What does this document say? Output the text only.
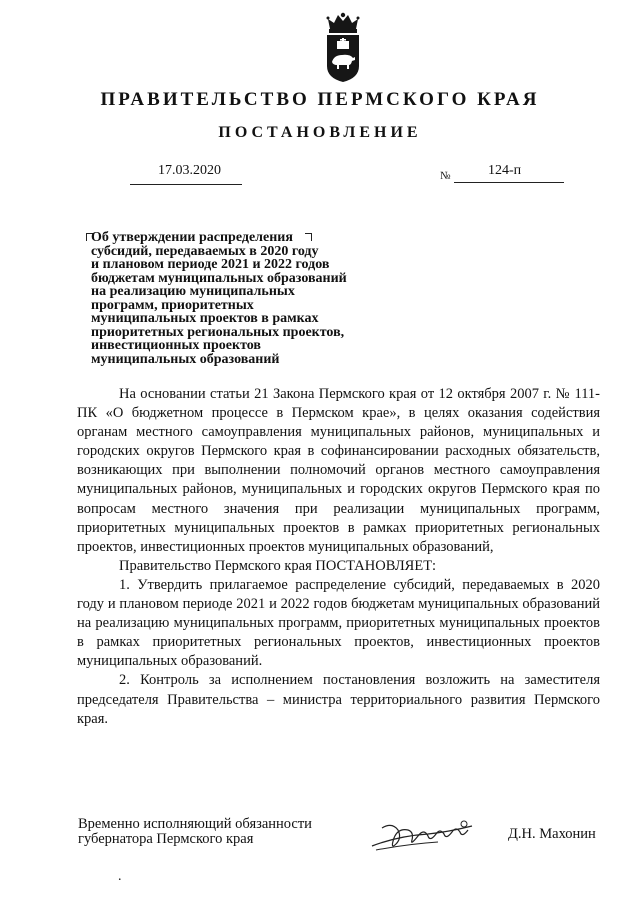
ПРАВИТЕЛЬСТВО ПЕРМСКОГО КРАЯ
ПОСТАНОВЛЕНИЕ
17.03.2020	№	124-п
Об утверждении распределения
субсидий, передаваемых в 2020 году
и плановом периоде 2021 и 2022 годов
бюджетам муниципальных образований
на реализацию муниципальных
программ, приоритетных
муниципальных проектов в рамках
приоритетных региональных проектов,
инвестиционных проектов
муниципальных образований

На основании статьи 21 Закона Пермского края от 12 октября 2007 г. № 111-ПК «О бюджетном процессе в Пермском крае», в целях оказания содействия органам местного самоуправления муниципальных районов, муниципальных и городских округов Пермского края в софинансировании расходных обязательств, возникающих при выполнении полномочий органов местного самоуправления муниципальных районов, муниципальных и городских округов Пермского края по вопросам местного значения при реализации муниципальных программ, приоритетных муниципальных проектов в рамках приоритетных региональных проектов, инвестиционных проектов муниципальных образований,

Правительство Пермского края ПОСТАНОВЛЯЕТ:

1. Утвердить прилагаемое распределение субсидий, передаваемых в 2020 году и плановом периоде 2021 и 2022 годов бюджетам муниципальных образований на реализацию муниципальных программ, приоритетных муниципальных проектов в рамках приоритетных региональных проектов, инвестиционных проектов муниципальных образований.

2. Контроль за исполнением постановления возложить на заместителя председателя Правительства – министра территориального развития Пермского края.

Временно исполняющий обязанности
губернатора Пермского края	Д.Н. Махонин
.
